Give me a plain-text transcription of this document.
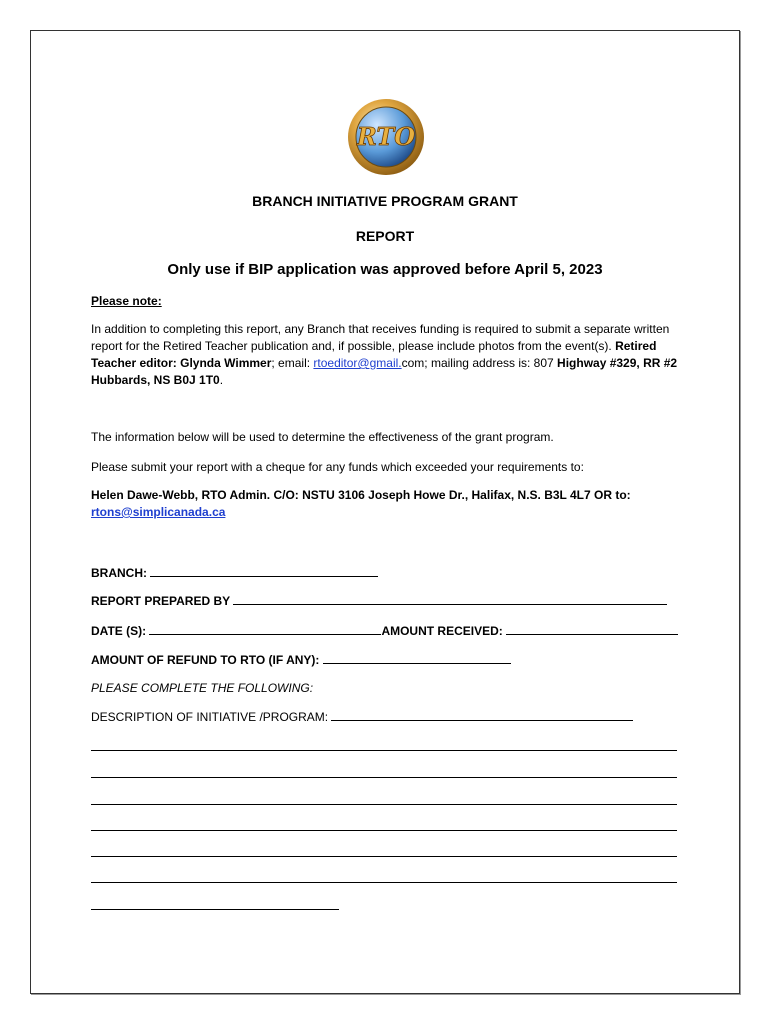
RTO
BRANCH INITIATIVE PROGRAM GRANT
REPORT
Only use if BIP application was approved before April 5, 2023
Please note:
In addition to completing this report, any Branch that receives funding is required to submit a separate written report for the Retired Teacher publication and, if possible, please include photos from the event(s). Retired Teacher editor: Glynda Wimmer; email: rtoeditor@gmail.com; mailing address is: 807 Highway #329, RR #2 Hubbards, NS B0J 1T0.
The information below will be used to determine the effectiveness of the grant program.
Please submit your report with a cheque for any funds which exceeded your requirements to:
Helen Dawe-Webb, RTO Admin. C/O: NSTU 3106 Joseph Howe Dr., Halifax, N.S. B3L 4L7 OR to:
rtons@simplicanada.ca
BRANCH:
REPORT PREPARED BY
DATE (S):	AMOUNT RECEIVED:
AMOUNT OF REFUND TO RTO (IF ANY):
PLEASE COMPLETE THE FOLLOWING:
DESCRIPTION OF INITIATIVE /PROGRAM:
